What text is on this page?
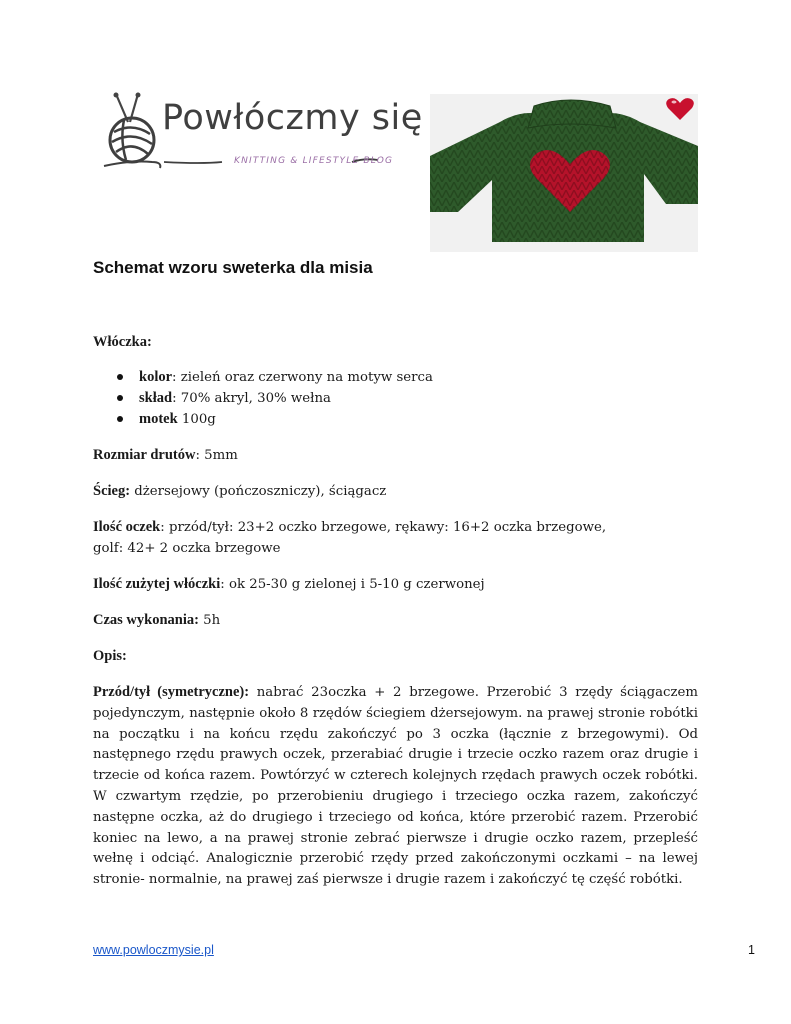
Powłóczmy się
KNITTING & LIFESTYLE BLOG
Schemat wzoru sweterka dla misia

Włóczka:

kolor: zieleń oraz czerwony na motyw serca
skład: 70% akryl, 30% wełna
motek 100g

Rozmiar drutów: 5mm

Ścieg: dżersejowy (pończoszniczy), ściągacz

Ilość oczek: przód/tył: 23+2 oczko brzegowe, rękawy: 16+2 oczka brzegowe,
golf: 42+ 2 oczka brzegowe

Ilość zużytej włóczki: ok 25-30 g zielonej i 5-10 g czerwonej

Czas wykonania: 5h

Opis:

Przód/tył (symetryczne): nabrać 23oczka + 2 brzegowe. Przerobić 3 rzędy ściągaczem pojedynczym, następnie około 8 rzędów ściegiem dżersejowym. na prawej stronie robótki na początku i na końcu rzędu zakończyć po 3 oczka (łącznie z brzegowymi). Od następnego rzędu prawych oczek, przerabiać drugie i trzecie oczko razem oraz drugie i trzecie od końca razem. Powtórzyć w czterech kolejnych rzędach prawych oczek robótki. W czwartym rzędzie, po przerobieniu drugiego i trzeciego oczka razem, zakończyć następne oczka, aż do drugiego i trzeciego od końca, które przerobić razem. Przerobić koniec na lewo, a na prawej stronie zebrać pierwsze i drugie oczko razem, przepleść wełnę i odciąć. Analogicznie przerobić rzędy przed zakończonymi oczkami – na lewej stronie- normalnie, na prawej zaś pierwsze i drugie razem i zakończyć tę część robótki.

www.powloczmysie.pl	1
